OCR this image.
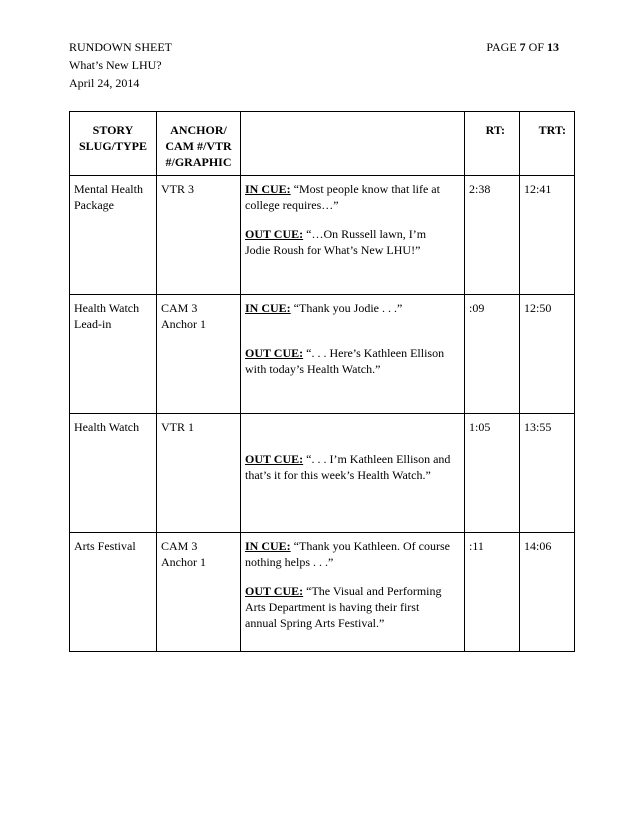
RUNDOWN SHEET
What’s New LHU?
April 24, 2014
PAGE 7 OF 13
STORY
SLUG/TYPE	ANCHOR/
CAM #/VTR
#/GRAPHIC		RT:	TRT:

Mental Health
Package	VTR 3	IN CUE: “Most people know that life at
college requires…”
OUT CUE: “…On Russell lawn, I’m
Jodie Roush for What’s New LHU!”	2:38	12:41

Health Watch
Lead-in	CAM 3
Anchor 1	IN CUE: “Thank you Jodie . . .”

OUT CUE: “. . . Here’s Kathleen Ellison
with today’s Health Watch.”	:09	12:50

Health Watch	VTR 1	OUT CUE: “. . . I’m Kathleen Ellison and
that’s it for this week’s Health Watch.”	1:05	13:55

Arts Festival	CAM 3
Anchor 1	IN CUE: “Thank you Kathleen. Of course
nothing helps . . .”
OUT CUE: “The Visual and Performing
Arts Department is having their first
annual Spring Arts Festival.”	:11	14:06
